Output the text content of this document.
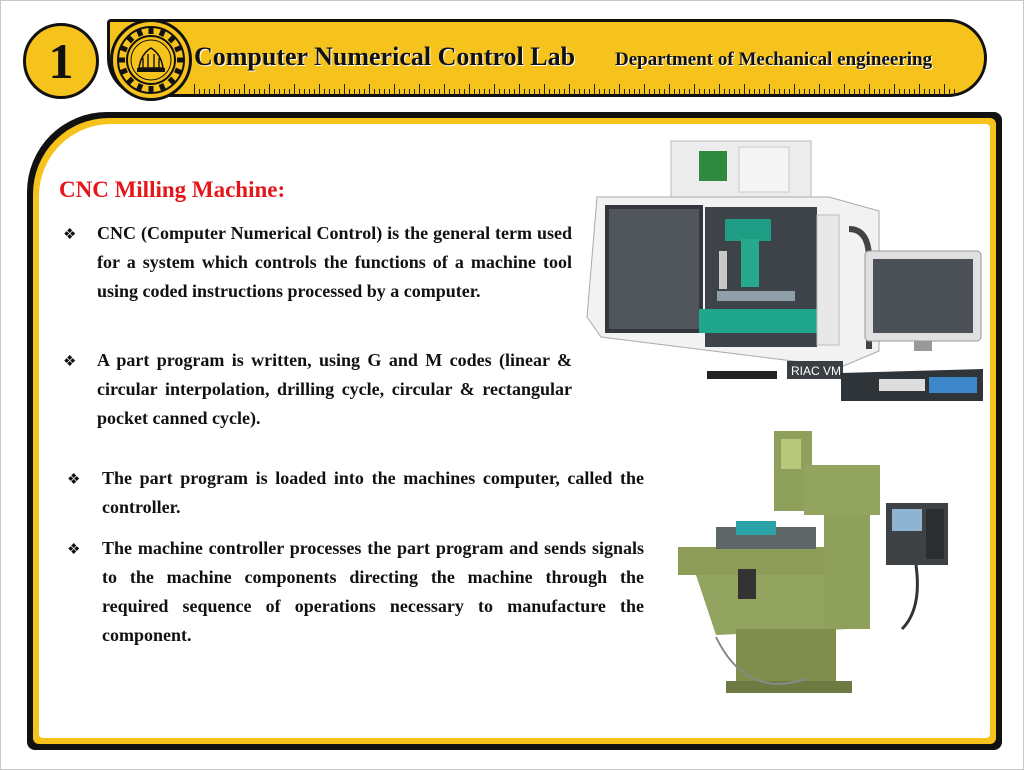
1	Computer Numerical Control Lab Department of Mechanical engineering
CNC Milling Machine:
❖ CNC (Computer Numerical Control) is the general term used for a system which controls the functions of a machine tool using coded instructions processed by a computer.

❖ A part program is written, using G and M codes (linear & circular interpolation, drilling cycle, circular & rectangular pocket canned cycle).

❖ The part program is loaded into the machines computer, called the controller.

❖ The machine controller processes the part program and sends signals to the machine components directing the machine through the required sequence of operations necessary to manufacture the component.

RIAC VM
